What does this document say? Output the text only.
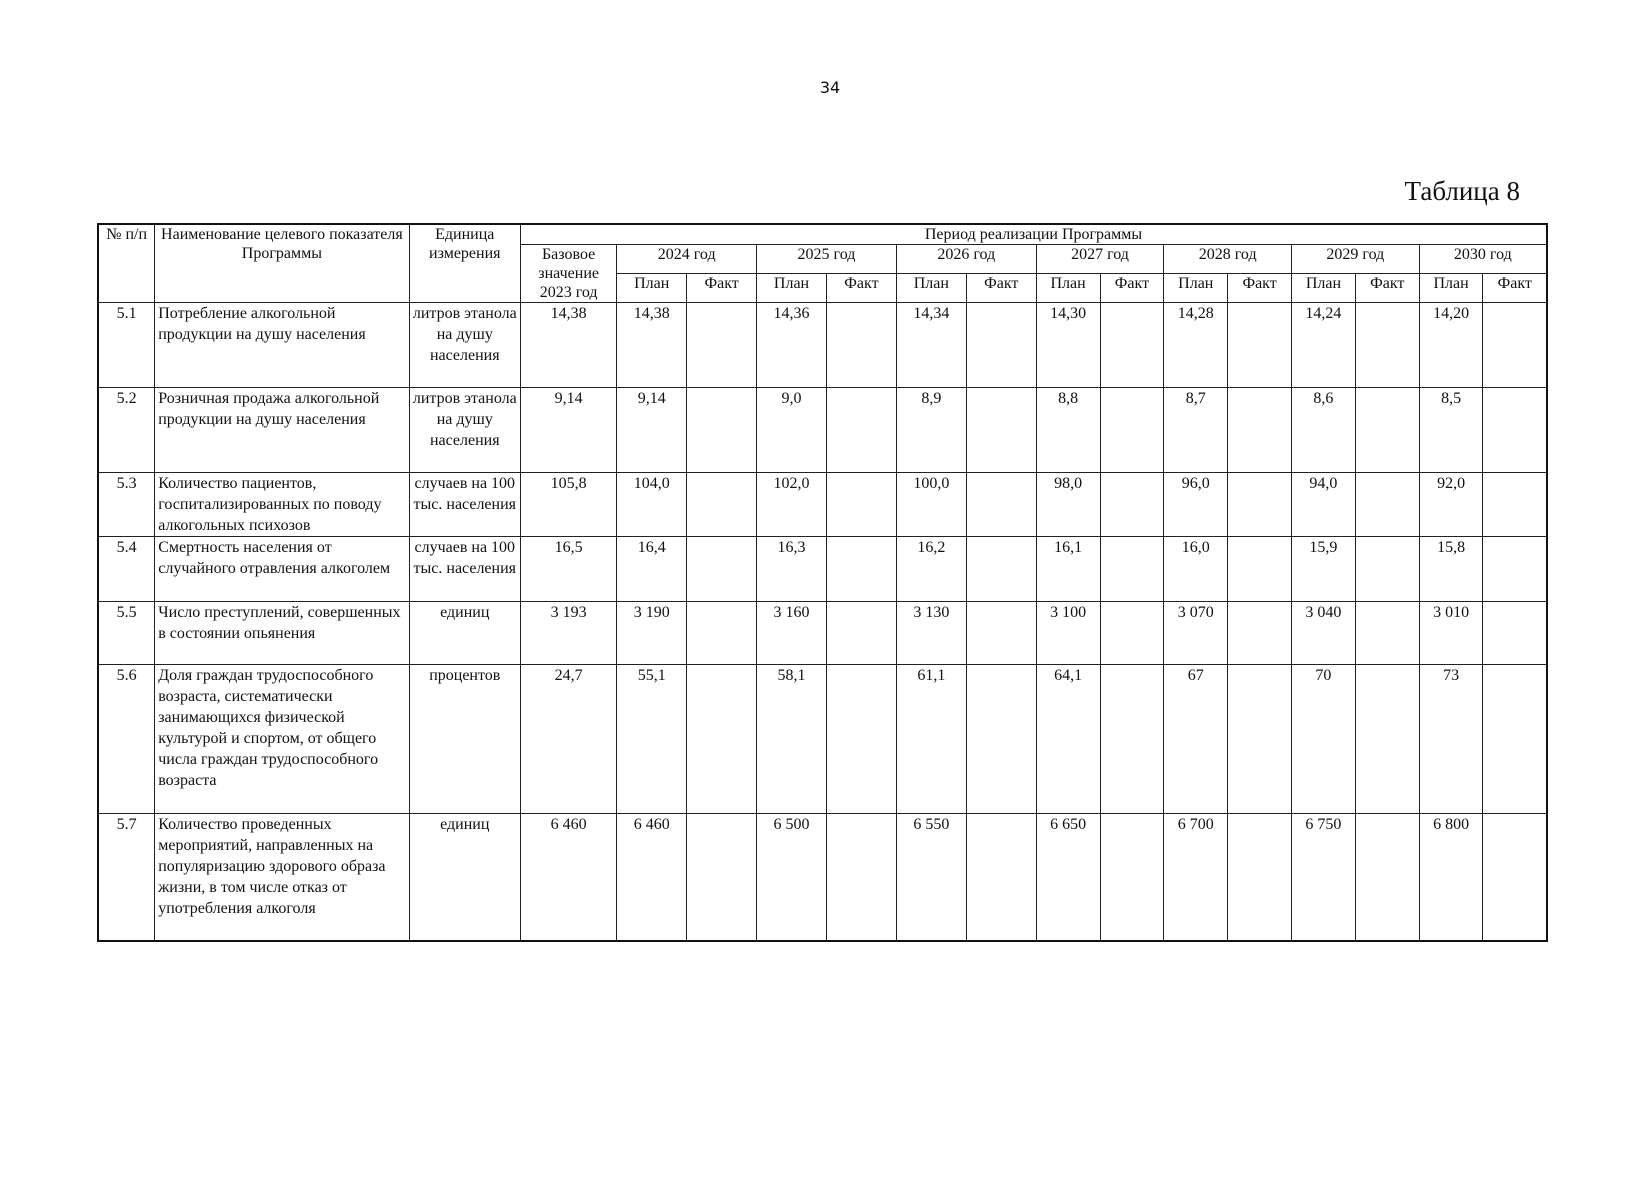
34
Таблица 8
№ п/п	Наименование целевого показателя Программы	Единица измерения	Период реализации Программы														
			Базовое значение 2023 год	2024 год		2025 год		2026 год		2027 год		2028 год		2029 год		2030 год	
				План	Факт	План	Факт	План	Факт	План	Факт	План	Факт	План	Факт	План	Факт
5.1	Потребление алкогольной продукции на душу населения	литров этанола на душу населения	14,38	14,38		14,36		14,34		14,30		14,28		14,24		14,20	
5.2	Розничная продажа алкогольной продукции на душу населения	литров этанола на душу населения	9,14	9,14		9,0		8,9		8,8		8,7		8,6		8,5	
5.3	Количество пациентов, госпитализированных по поводу алкогольных психозов	случаев на 100 тыс. населения	105,8	104,0		102,0		100,0		98,0		96,0		94,0		92,0	
5.4	Смертность населения от случайного отравления алкоголем	случаев на 100 тыс. населения	16,5	16,4		16,3		16,2		16,1		16,0		15,9		15,8	
5.5	Число преступлений, совершенных в состоянии опьянения	единиц	3 193	3 190		3 160		3 130		3 100		3 070		3 040		3 010	
5.6	Доля граждан трудоспособного возраста, систематически занимающихся физической культурой и спортом, от общего числа граждан трудоспособного возраста	процентов	24,7	55,1		58,1		61,1		64,1		67		70		73	
5.7	Количество проведенных мероприятий, направленных на популяризацию здорового образа жизни, в том числе отказ от употребления алкоголя	единиц	6 460	6 460		6 500		6 550		6 650		6 700		6 750		6 800	
